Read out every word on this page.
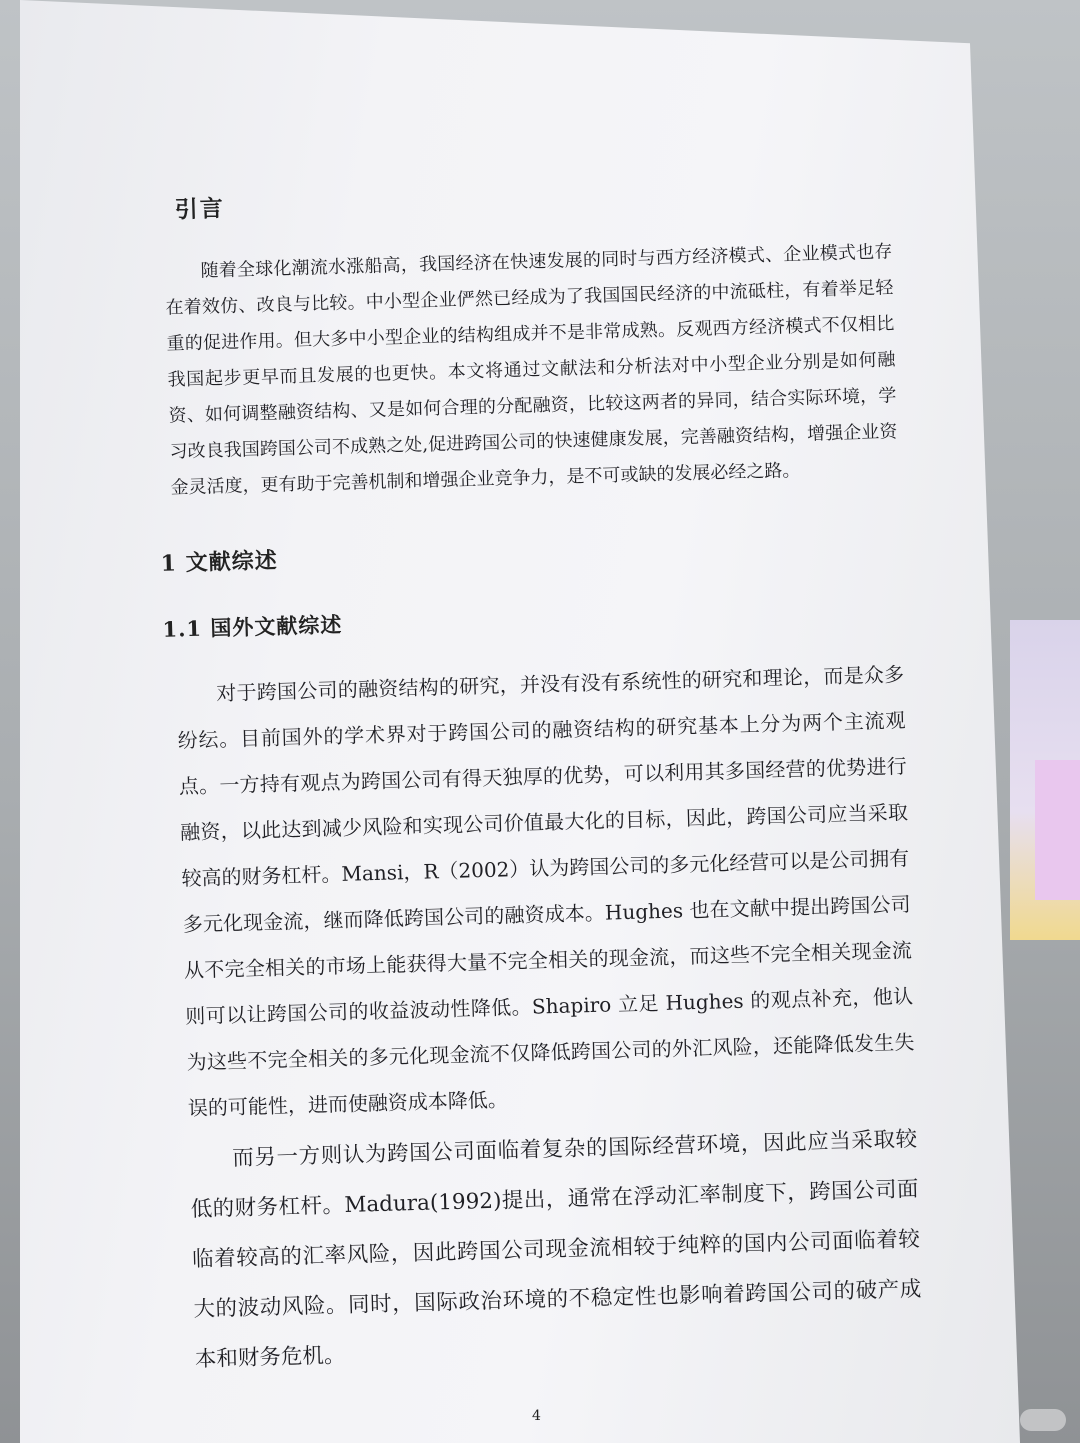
引言

随着全球化潮流水涨船高，我国经济在快速发展的同时与西方经济模式、企业模式也存在着效仿、改良与比较。中小型企业俨然已经成为了我国国民经济的中流砥柱，有着举足轻重的促进作用。但大多中小型企业的结构组成并不是非常成熟。反观西方经济模式不仅相比我国起步更早而且发展的也更快。本文将通过文献法和分析法对中小型企业分别是如何融资、如何调整融资结构、又是如何合理的分配融资，比较这两者的异同，结合实际环境，学习改良我国跨国公司不成熟之处,促进跨国公司的快速健康发展，完善融资结构，增强企业资金灵活度，更有助于完善机制和增强企业竞争力，是不可或缺的发展必经之路。

1 文献综述
1.1 国外文献综述

对于跨国公司的融资结构的研究，并没有没有系统性的研究和理论，而是众多纷纭。目前国外的学术界对于跨国公司的融资结构的研究基本上分为两个主流观点。一方持有观点为跨国公司有得天独厚的优势，可以利用其多国经营的优势进行融资，以此达到减少风险和实现公司价值最大化的目标，因此，跨国公司应当采取较高的财务杠杆。Mansi，R（2002）认为跨国公司的多元化经营可以是公司拥有多元化现金流，继而降低跨国公司的融资成本。Hughes 也在文献中提出跨国公司从不完全相关的市场上能获得大量不完全相关的现金流，而这些不完全相关现金流则可以让跨国公司的收益波动性降低。Shapiro 立足 Hughes 的观点补充，他认为这些不完全相关的多元化现金流不仅降低跨国公司的外汇风险，还能降低发生失误的可能性，进而使融资成本降低。

而另一方则认为跨国公司面临着复杂的国际经营环境，因此应当采取较低的财务杠杆。Madura(1992)提出，通常在浮动汇率制度下，跨国公司面临着较高的汇率风险，因此跨国公司现金流相较于纯粹的国内公司面临着较大的波动风险。同时，国际政治环境的不稳定性也影响着跨国公司的破产成本和财务危机。

4
